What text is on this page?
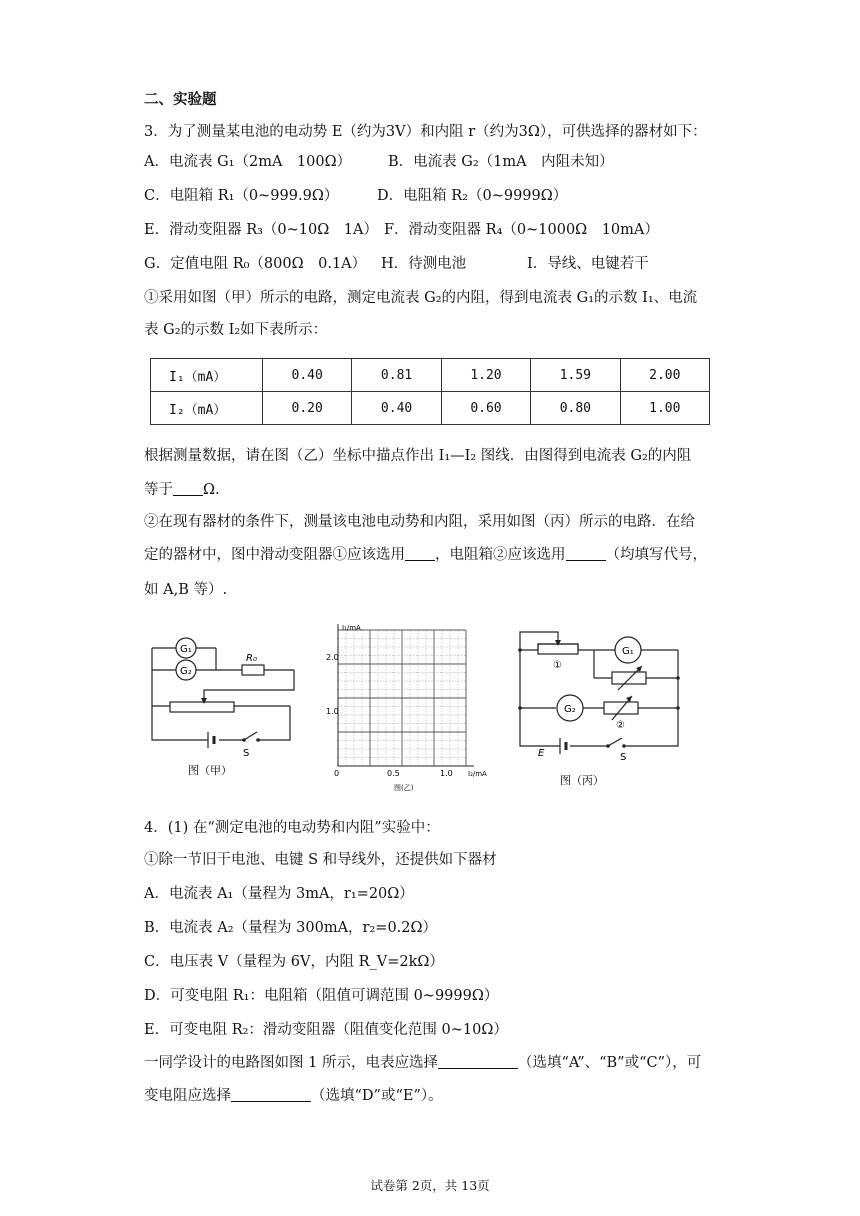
二、实验题
3．为了测量某电池的电动势 E（约为3V）和内阻 r（约为3Ω），可供选择的器材如下：
A．电流表 G₁（2mA　100Ω）	B．电流表 G₂（1mA　内阻未知）
C．电阻箱 R₁（0~999.9Ω）	D．电阻箱 R₂（0~9999Ω）
E．滑动变阻器 R₃（0~10Ω　1A） F．滑动变阻器 R₄（0~1000Ω　10mA）
G．定值电阻 R₀（800Ω　0.1A） H．待测电池	I．导线、电键若干
①采用如图（甲）所示的电路，测定电流表 G₂的内阻，得到电流表 G₁的示数 I₁、电流
表 G₂的示数 I₂如下表所示：
I₁（mA）	0.40	0.81	1.20	1.59	2.00
I₂（mA）	0.20	0.40	0.60	0.80	1.00
根据测量数据，请在图（乙）坐标中描点作出 I₁—I₂ 图线．由图得到电流表 G₂的内阻
等于 Ω.
②在现有器材的条件下，测量该电池电动势和内阻，采用如图（丙）所示的电路．在给
定的器材中，图中滑动变阻器①应该选用 ，电阻箱②应该选用	（均填写代号，
如 A,B 等）.
G₁
G₂
R₀
S
图（甲）
I₁/mA
I₂/mA
2.0
1.0
0	0.5	1.0
图(乙)
G₁
G₂
①
②
E	S
图（丙）
4．(1) 在“测定电池的电动势和内阻”实验中：
①除一节旧干电池、电键 S 和导线外，还提供如下器材
A．电流表 A₁（量程为 3mA，r₁=20Ω）
B．电流表 A₂（量程为 300mA，r₂=0.2Ω）
C．电压表 V（量程为 6V，内阻 R_V=2kΩ）
D．可变电阻 R₁：电阻箱（阻值可调范围 0~9999Ω）
E．可变电阻 R₂：滑动变阻器（阻值变化范围 0~10Ω）
一同学设计的电路图如图 1 所示，电表应选择	（选填“A”、“B”或“C”），可
变电阻应选择	（选填“D”或“E”）。
试卷第 2页，共 13页
